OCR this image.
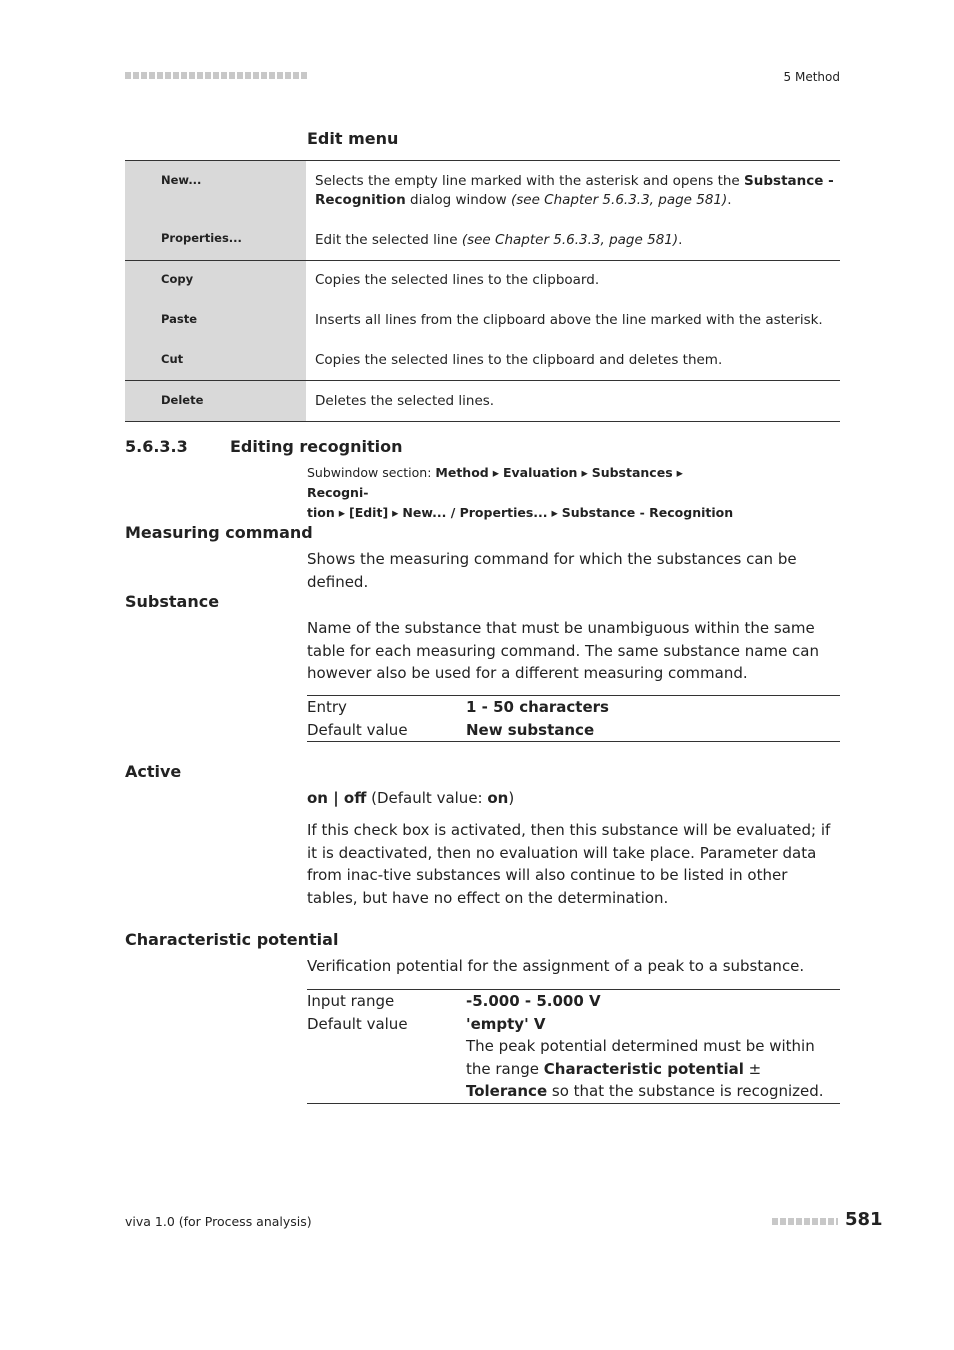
5 Method
Edit menu
New...	Selects the empty line marked with the asterisk and opens the Substance - Recognition dialog window (see Chapter 5.6.3.3, page 581).
Properties...	Edit the selected line (see Chapter 5.6.3.3, page 581).
Copy	Copies the selected lines to the clipboard.
Paste	Inserts all lines from the clipboard above the line marked with the asterisk.
Cut	Copies the selected lines to the clipboard and deletes them.
Delete	Deletes the selected lines.
5.6.3.3	Editing recognition
Subwindow section: Method ▸ Evaluation ▸ Substances ▸ Recogni-
tion ▸ [Edit] ▸ New... / Properties... ▸ Substance - Recognition
Measuring command
Shows the measuring command for which the substances can be defined.
Substance
Name of the substance that must be unambiguous within the same table for each measuring command. The same substance name can however also be used for a different measuring command.
Entry	1 - 50 characters
Default value	New substance
Active
on | off (Default value: on)
If this check box is activated, then this substance will be evaluated; if it is deactivated, then no evaluation will take place. Parameter data from inac-tive substances will also continue to be listed in other tables, but have no effect on the determination.
Characteristic potential
Verification potential for the assignment of a peak to a substance.
Input range	-5.000 - 5.000 V
Default value	'empty' V
The peak potential determined must be within the range Characteristic potential ± Tolerance so that the substance is recognized.
viva 1.0 (for Process analysis)	581
